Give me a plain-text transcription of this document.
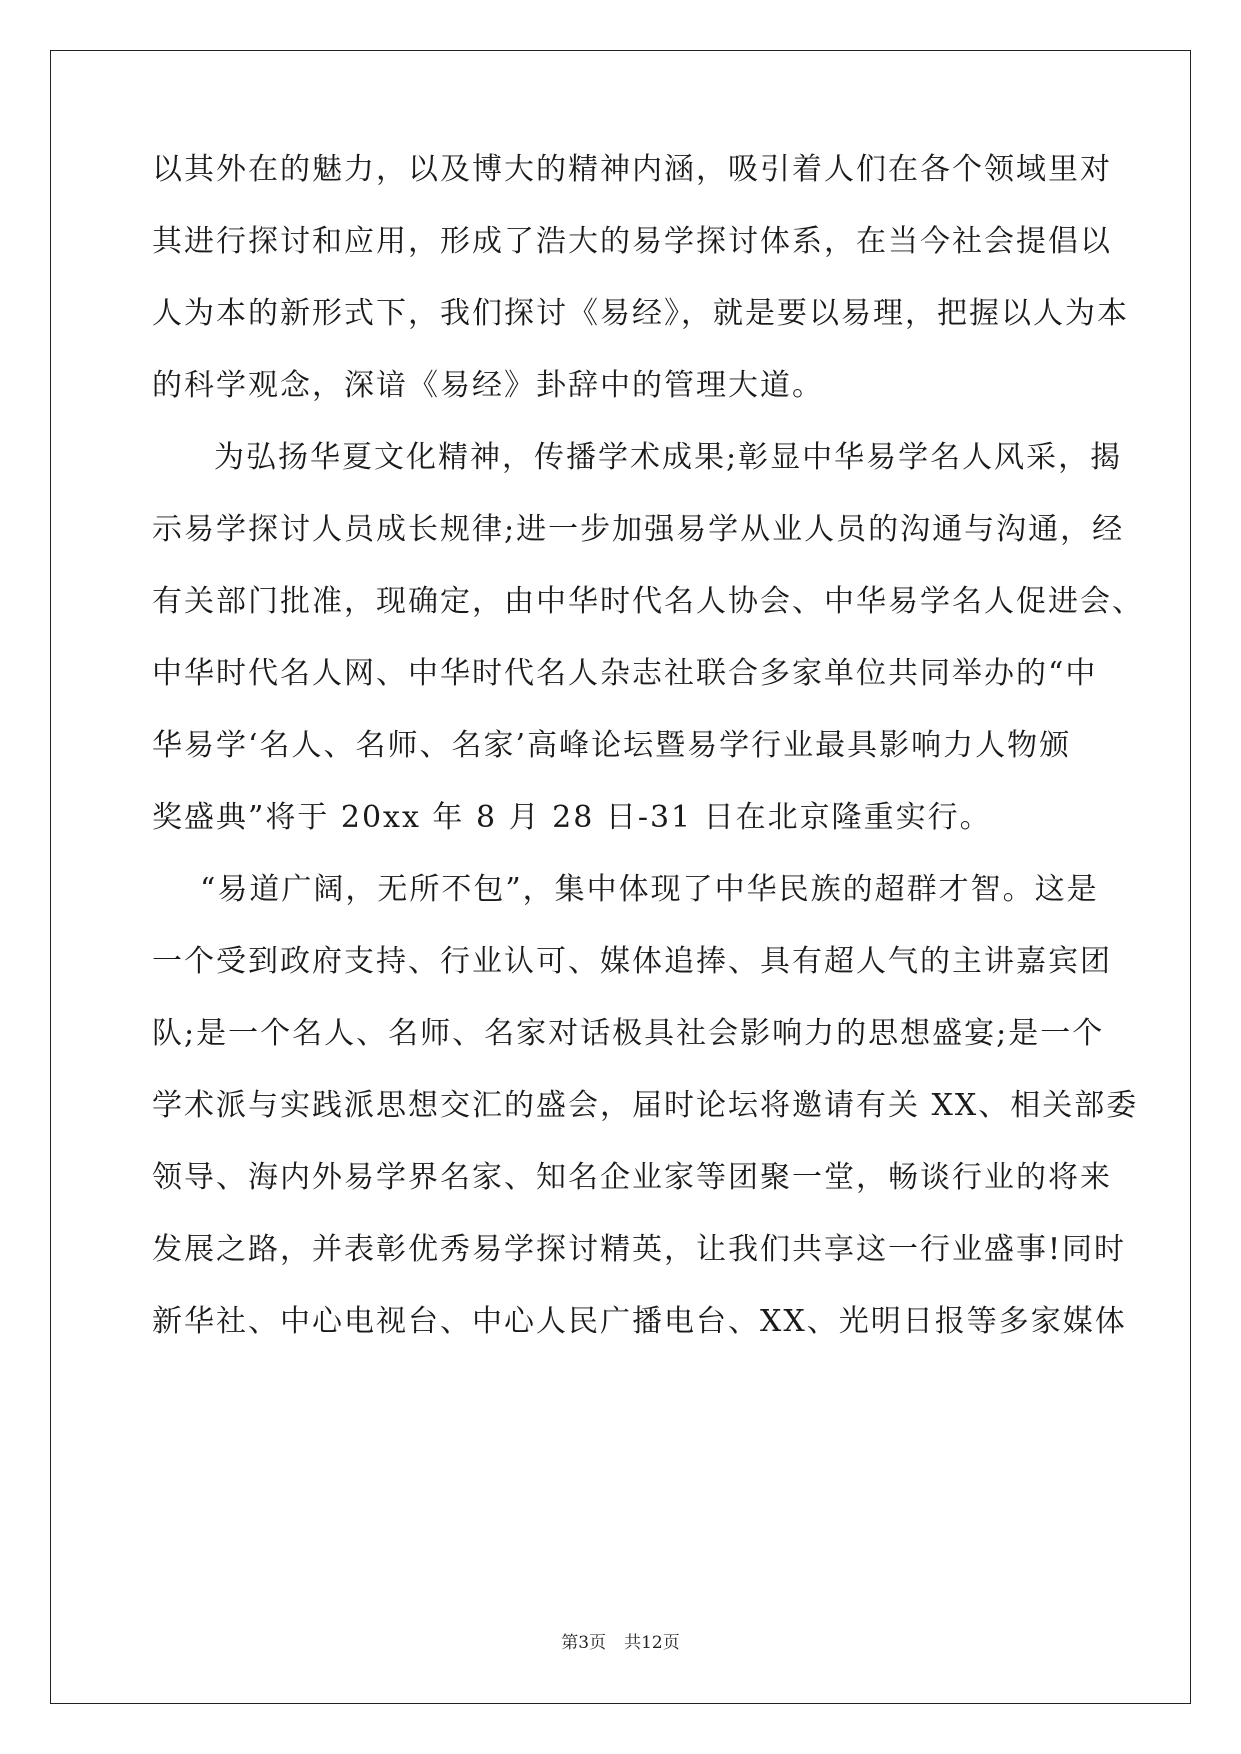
以其外在的魅力，以及博大的精神内涵，吸引着人们在各个领域里对
其进行探讨和应用，形成了浩大的易学探讨体系，在当今社会提倡以
人为本的新形式下，我们探讨《易经》，就是要以易理，把握以人为本
的科学观念，深谙《易经》卦辞中的管理大道。
为弘扬华夏文化精神，传播学术成果;彰显中华易学名人风采，揭
示易学探讨人员成长规律;进一步加强易学从业人员的沟通与沟通，经
有关部门批准，现确定，由中华时代名人协会、中华易学名人促进会、
中华时代名人网、中华时代名人杂志社联合多家单位共同举办的“中
华易学‘名人、名师、名家’高峰论坛暨易学行业最具影响力人物颁
奖盛典”将于 20xx 年 8 月 28 日-31 日在北京隆重实行。
“易道广阔，无所不包”，集中体现了中华民族的超群才智。这是
一个受到政府支持、行业认可、媒体追捧、具有超人气的主讲嘉宾团
队;是一个名人、名师、名家对话极具社会影响力的思想盛宴;是一个
学术派与实践派思想交汇的盛会，届时论坛将邀请有关 XX、相关部委
领导、海内外易学界名家、知名企业家等团聚一堂，畅谈行业的将来
发展之路，并表彰优秀易学探讨精英，让我们共享这一行业盛事!同时
新华社、中心电视台、中心人民广播电台、XX、光明日报等多家媒体
第3页 共12页
